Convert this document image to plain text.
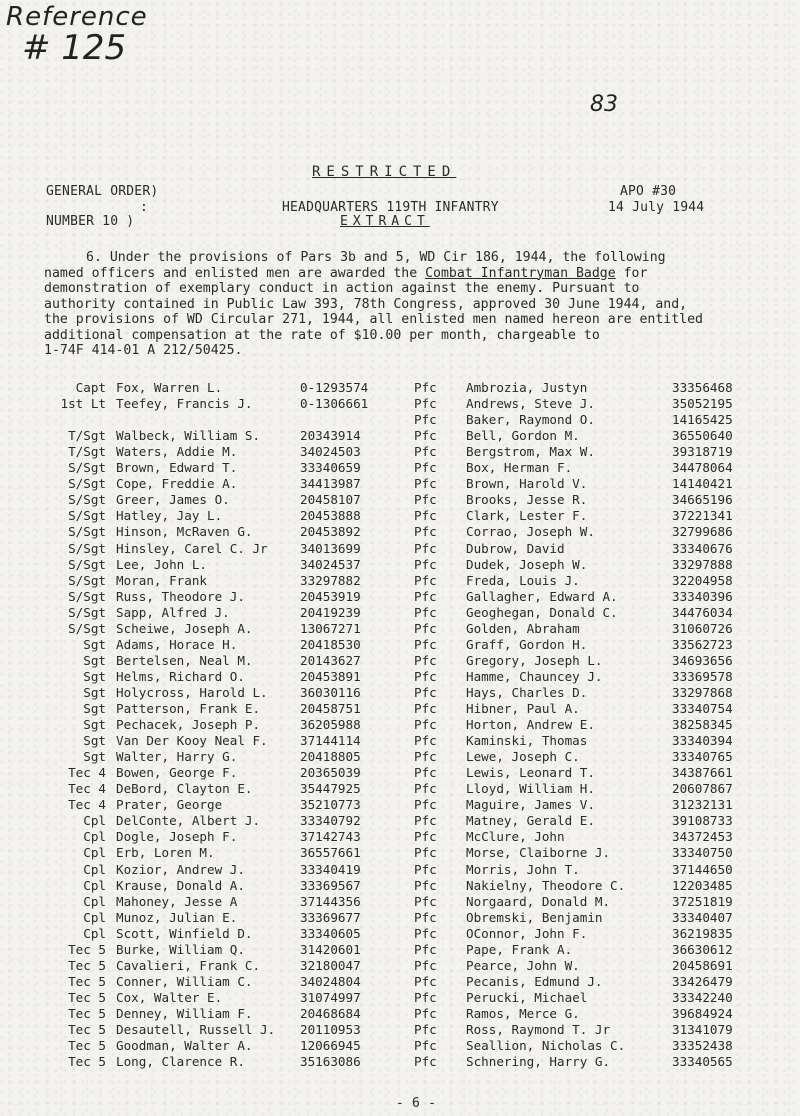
Reference
# 125
83
RESTRICTED
GENERAL ORDER)	APO #30
:	HEADQUARTERS 119TH INFANTRY	14 July 1944
NUMBER 10 )	EXTRACT
6. Under the provisions of Pars 3b and 5, WD Cir 186, 1944, the following
named officers and enlisted men are awarded the Combat Infantryman Badge for
demonstration of exemplary conduct in action against the enemy. Pursuant to
authority contained in Public Law 393, 78th Congress, approved 30 June 1944, and,
the provisions of WD Circular 271, 1944, all enlisted men named hereon are entitled
additional compensation at the rate of $10.00 per month, chargeable to
1-74F 414-01 A 212/50425.
Capt Fox, Warren L.	0-1293574	Pfc Ambrozia, Justyn	33356468
1st Lt Teefey, Francis J.	0-1306661	Pfc Andrews, Steve J.	35052195
Pfc Baker, Raymond O.	14165425
T/Sgt Walbeck, William S.	20343914	Pfc Bell, Gordon M.	36550640
T/Sgt Waters, Addie M.	34024503	Pfc Bergstrom, Max W.	39318719
S/Sgt Brown, Edward T.	33340659	Pfc Box, Herman F.	34478064
S/Sgt Cope, Freddie A.	34413987	Pfc Brown, Harold V.	14140421
S/Sgt Greer, James O.	20458107	Pfc Brooks, Jesse R.	34665196
S/Sgt Hatley, Jay L.	20453888	Pfc Clark, Lester F.	37221341
S/Sgt Hinson, McRaven G.	20453892	Pfc Corrao, Joseph W.	32799686
S/Sgt Hinsley, Carel C. Jr	34013699	Pfc Dubrow, David	33340676
S/Sgt Lee, John L.	34024537	Pfc Dudek, Joseph W.	33297888
S/Sgt Moran, Frank	33297882	Pfc Freda, Louis J.	32204958
S/Sgt Russ, Theodore J.	20453919	Pfc Gallagher, Edward A.	33340396
S/Sgt Sapp, Alfred J.	20419239	Pfc Geoghegan, Donald C.	34476034
S/Sgt Scheiwe, Joseph A.	13067271	Pfc Golden, Abraham	31060726
Sgt Adams, Horace H.	20418530	Pfc Graff, Gordon H.	33562723
Sgt Bertelsen, Neal M.	20143627	Pfc Gregory, Joseph L.	34693656
Sgt Helms, Richard O.	20453891	Pfc Hamme, Chauncey J.	33369578
Sgt Holycross, Harold L.	36030116	Pfc Hays, Charles D.	33297868
Sgt Patterson, Frank E.	20458751	Pfc Hibner, Paul A.	33340754
Sgt Pechacek, Joseph P.	36205988	Pfc Horton, Andrew E.	38258345
Sgt Van Der Kooy Neal F.	37144114	Pfc Kaminski, Thomas	33340394
Sgt Walter, Harry G.	20418805	Pfc Lewe, Joseph C.	33340765
Tec 4 Bowen, George F.	20365039	Pfc Lewis, Leonard T.	34387661
Tec 4 DeBord, Clayton E.	35447925	Pfc Lloyd, William H.	20607867
Tec 4 Prater, George	35210773	Pfc Maguire, James V.	31232131
Cpl DelConte, Albert J.	33340792	Pfc Matney, Gerald E.	39108733
Cpl Dogle, Joseph F.	37142743	Pfc McClure, John	34372453
Cpl Erb, Loren M.	36557661	Pfc Morse, Claiborne J.	33340750
Cpl Kozior, Andrew J.	33340419	Pfc Morris, John T.	37144650
Cpl Krause, Donald A.	33369567	Pfc Nakielny, Theodore C.	12203485
Cpl Mahoney, Jesse A	37144356	Pfc Norgaard, Donald M.	37251819
Cpl Munoz, Julian E.	33369677	Pfc Obremski, Benjamin	33340407
Cpl Scott, Winfield D.	33340605	Pfc OConnor, John F.	36219835
Tec 5 Burke, William Q.	31420601	Pfc Pape, Frank A.	36630612
Tec 5 Cavalieri, Frank C.	32180047	Pfc Pearce, John W.	20458691
Tec 5 Conner, William C.	34024804	Pfc Pecanis, Edmund J.	33426479
Tec 5 Cox, Walter E.	31074997	Pfc Perucki, Michael	33342240
Tec 5 Denney, William F.	20468684	Pfc Ramos, Merce G.	39684924
Tec 5 Desautell, Russell J. 20110953	Pfc Ross, Raymond T. Jr	31341079
Tec 5 Goodman, Walter A.	12066945	Pfc Seallion, Nicholas C.	33352438
Tec 5 Long, Clarence R.	35163086	Pfc Schnering, Harry G.	33340565
- 6 -
